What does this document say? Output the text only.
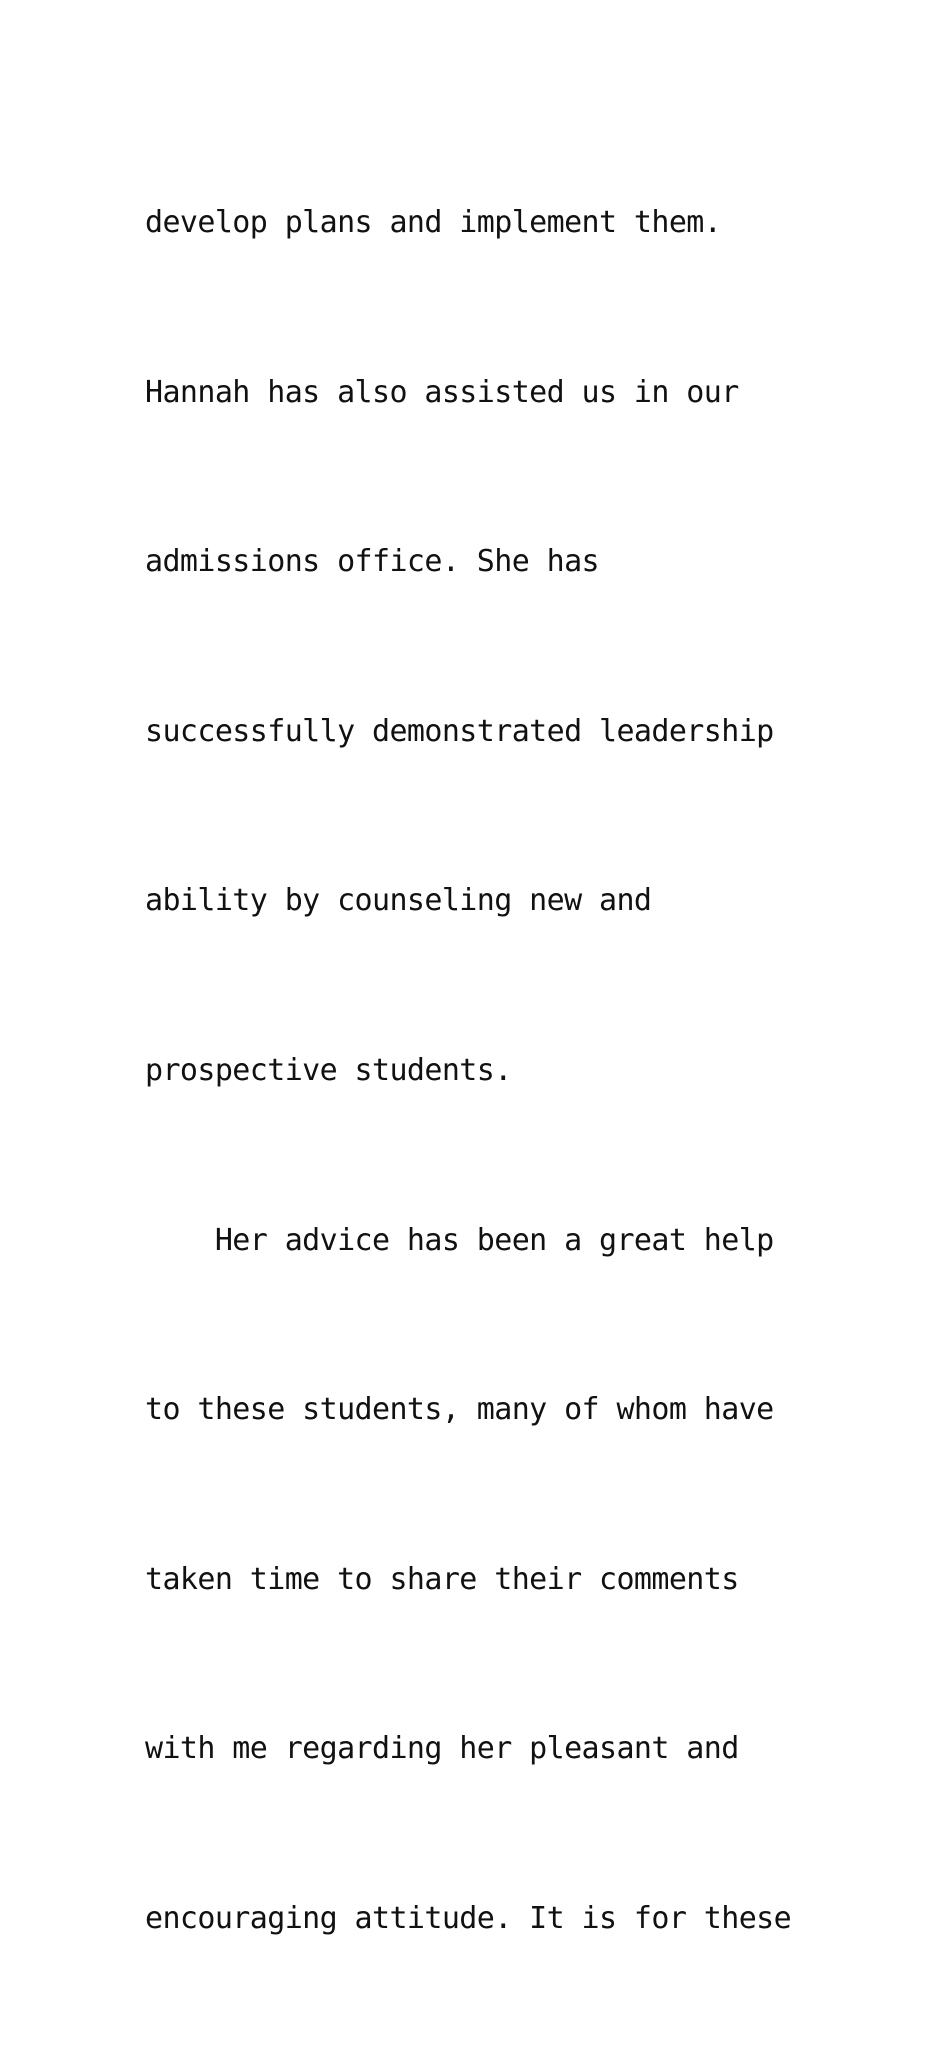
develop plans and implement them.

Hannah has also assisted us in our

admissions office. She has

successfully demonstrated leadership

ability by counseling new and

prospective students.

Her advice has been a great help

to these students, many of whom have

taken time to share their comments

with me regarding her pleasant and

encouraging attitude. It is for these
